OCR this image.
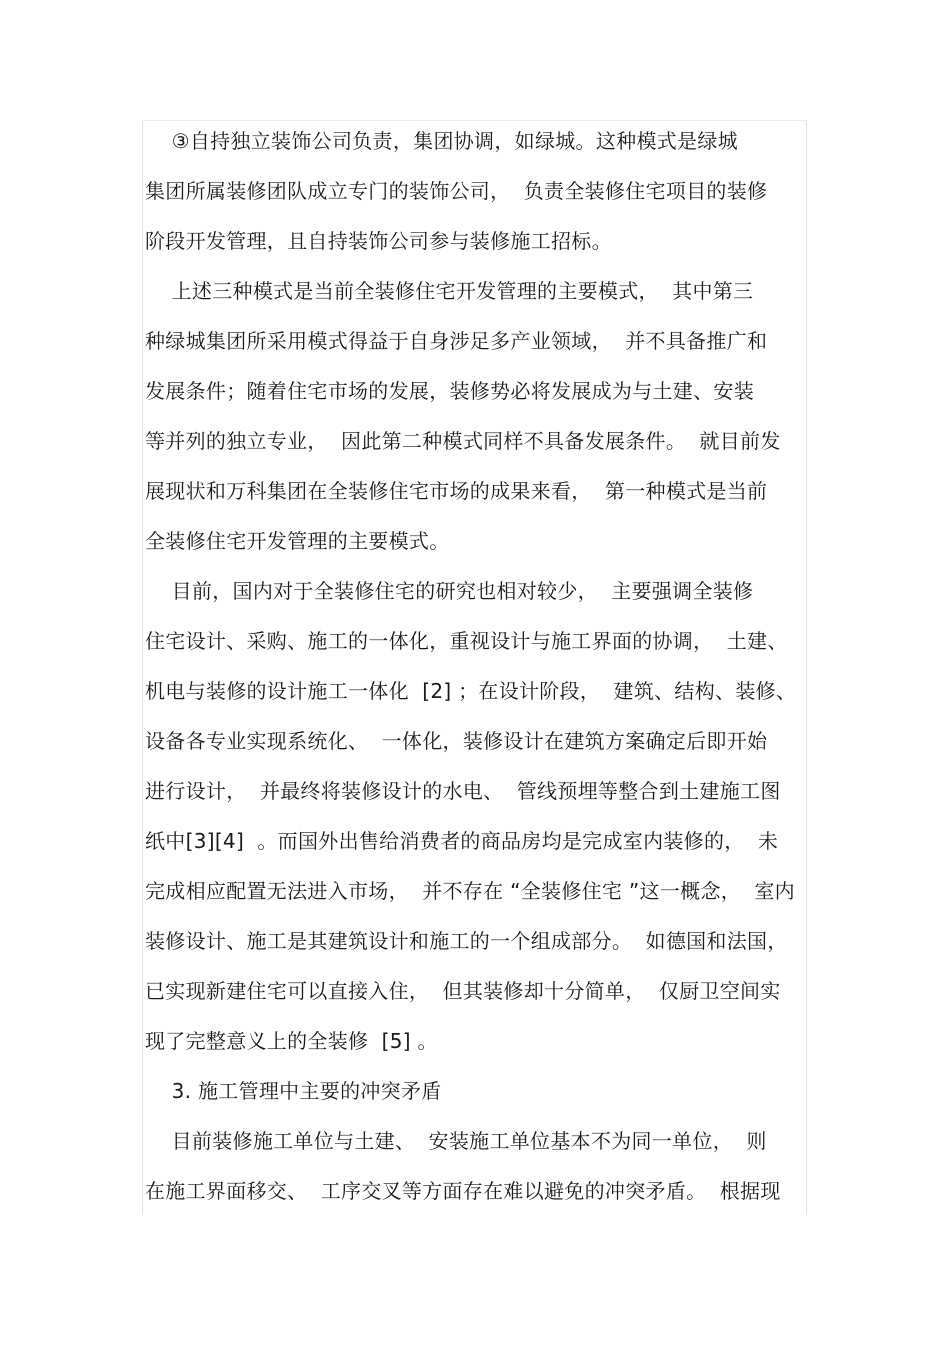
③自持独立装饰公司负责，集团协调，如绿城。这种模式是绿城
集团所属装修团队成立专门的装饰公司，  负责全装修住宅项目的装修
阶段开发管理，且自持装饰公司参与装修施工招标。
上述三种模式是当前全装修住宅开发管理的主要模式，  其中第三
种绿城集团所采用模式得益于自身涉足多产业领域，  并不具备推广和
发展条件；随着住宅市场的发展，装修势必将发展成为与土建、安装
等并列的独立专业，  因此第二种模式同样不具备发展条件。  就目前发
展现状和万科集团在全装修住宅市场的成果来看，  第一种模式是当前
全装修住宅开发管理的主要模式。
目前，国内对于全装修住宅的研究也相对较少，  主要强调全装修
住宅设计、采购、施工的一体化，重视设计与施工界面的协调，  土建、
机电与装修的设计施工一体化  [2] ；在设计阶段，  建筑、结构、装修、
设备各专业实现系统化、  一体化，装修设计在建筑方案确定后即开始
进行设计，  并最终将装修设计的水电、  管线预埋等整合到土建施工图
纸中[3][4]  。而国外出售给消费者的商品房均是完成室内装修的，  未
完成相应配置无法进入市场，  并不存在 “全装修住宅 ”这一概念，  室内
装修设计、施工是其建筑设计和施工的一个组成部分。  如德国和法国，
已实现新建住宅可以直接入住，  但其装修却十分简单，  仅厨卫空间实
现了完整意义上的全装修  [5] 。
3. 施工管理中主要的冲突矛盾
目前装修施工单位与土建、  安装施工单位基本不为同一单位，  则
在施工界面移交、  工序交叉等方面存在难以避免的冲突矛盾。  根据现
